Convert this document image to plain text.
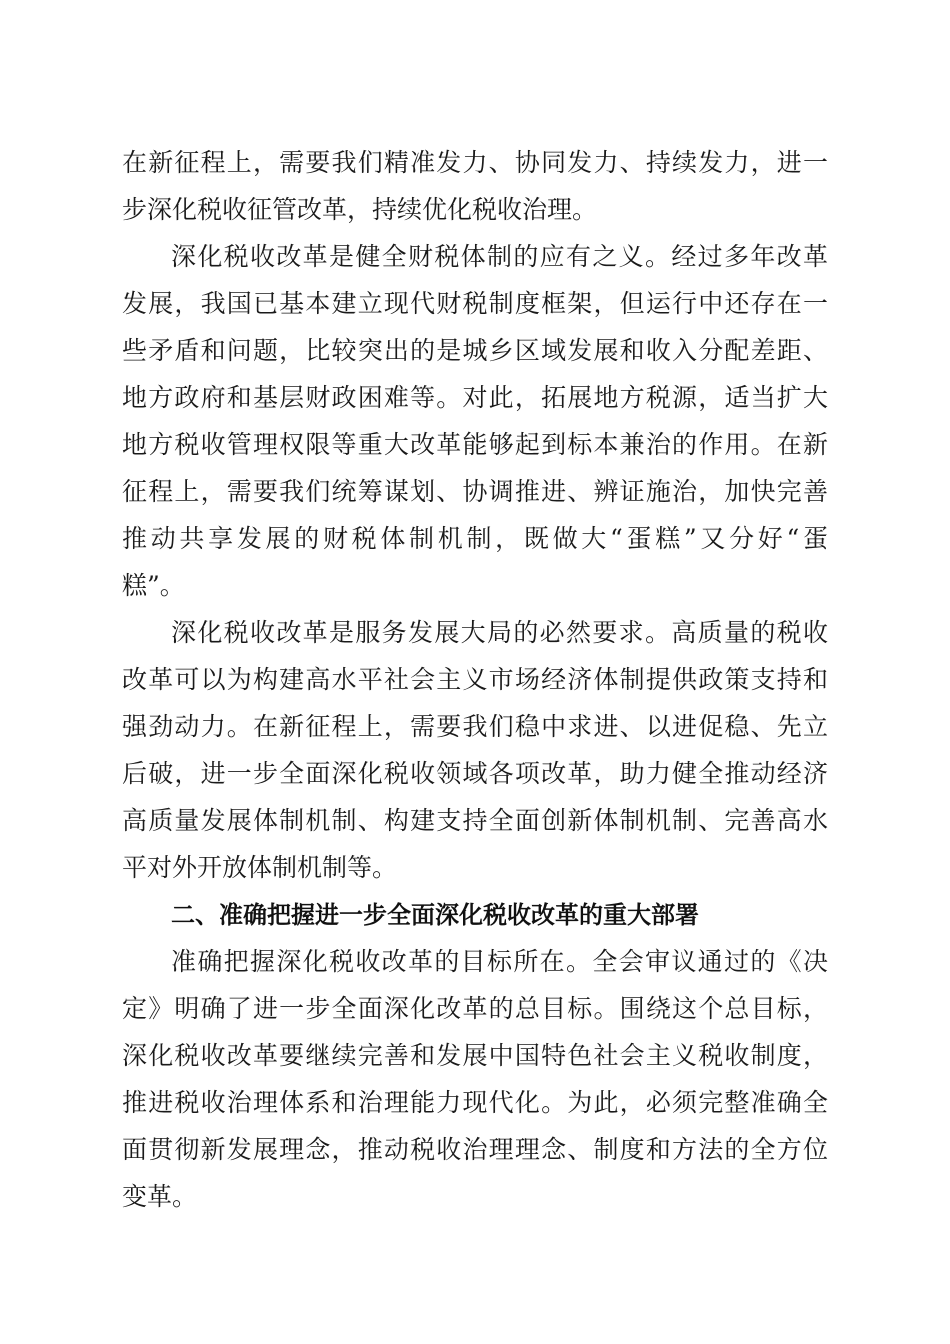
在新征程上，需要我们精准发力、协同发力、持续发力，进一

步深化税收征管改革，持续优化税收治理。

深化税收改革是健全财税体制的应有之义。经过多年改革

发展，我国已基本建立现代财税制度框架，但运行中还存在一

些矛盾和问题，比较突出的是城乡区域发展和收入分配差距、

地方政府和基层财政困难等。对此，拓展地方税源，适当扩大

地方税收管理权限等重大改革能够起到标本兼治的作用。在新

征程上，需要我们统筹谋划、协调推进、辨证施治，加快完善

推动共享发展的财税体制机制，既做大“蛋糕”又分好“蛋

糕”。

深化税收改革是服务发展大局的必然要求。高质量的税收

改革可以为构建高水平社会主义市场经济体制提供政策支持和

强劲动力。在新征程上，需要我们稳中求进、以进促稳、先立

后破，进一步全面深化税收领域各项改革，助力健全推动经济

高质量发展体制机制、构建支持全面创新体制机制、完善高水

平对外开放体制机制等。

二、准确把握进一步全面深化税收改革的重大部署

准确把握深化税收改革的目标所在。全会审议通过的《决

定》明确了进一步全面深化改革的总目标。围绕这个总目标，

深化税收改革要继续完善和发展中国特色社会主义税收制度，

推进税收治理体系和治理能力现代化。为此，必须完整准确全

面贯彻新发展理念，推动税收治理理念、制度和方法的全方位

变革。
